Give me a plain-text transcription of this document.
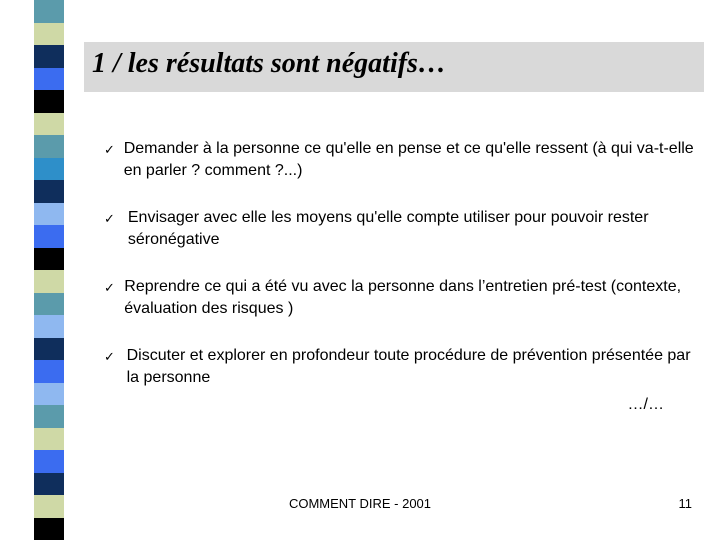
1 / les résultats sont négatifs…
✓ Demander à la personne ce qu'elle en pense et ce qu'elle ressent (à qui va-t-elle en parler ? comment ?...)
✓ Envisager avec elle les moyens qu'elle compte utiliser pour pouvoir rester séronégative
✓ Reprendre ce qui a été vu avec la personne dans l’entretien pré-test (contexte, évaluation des risques )
✓ Discuter et explorer en profondeur toute procédure de prévention présentée par la personne
…/…
COMMENT DIRE - 2001	11
